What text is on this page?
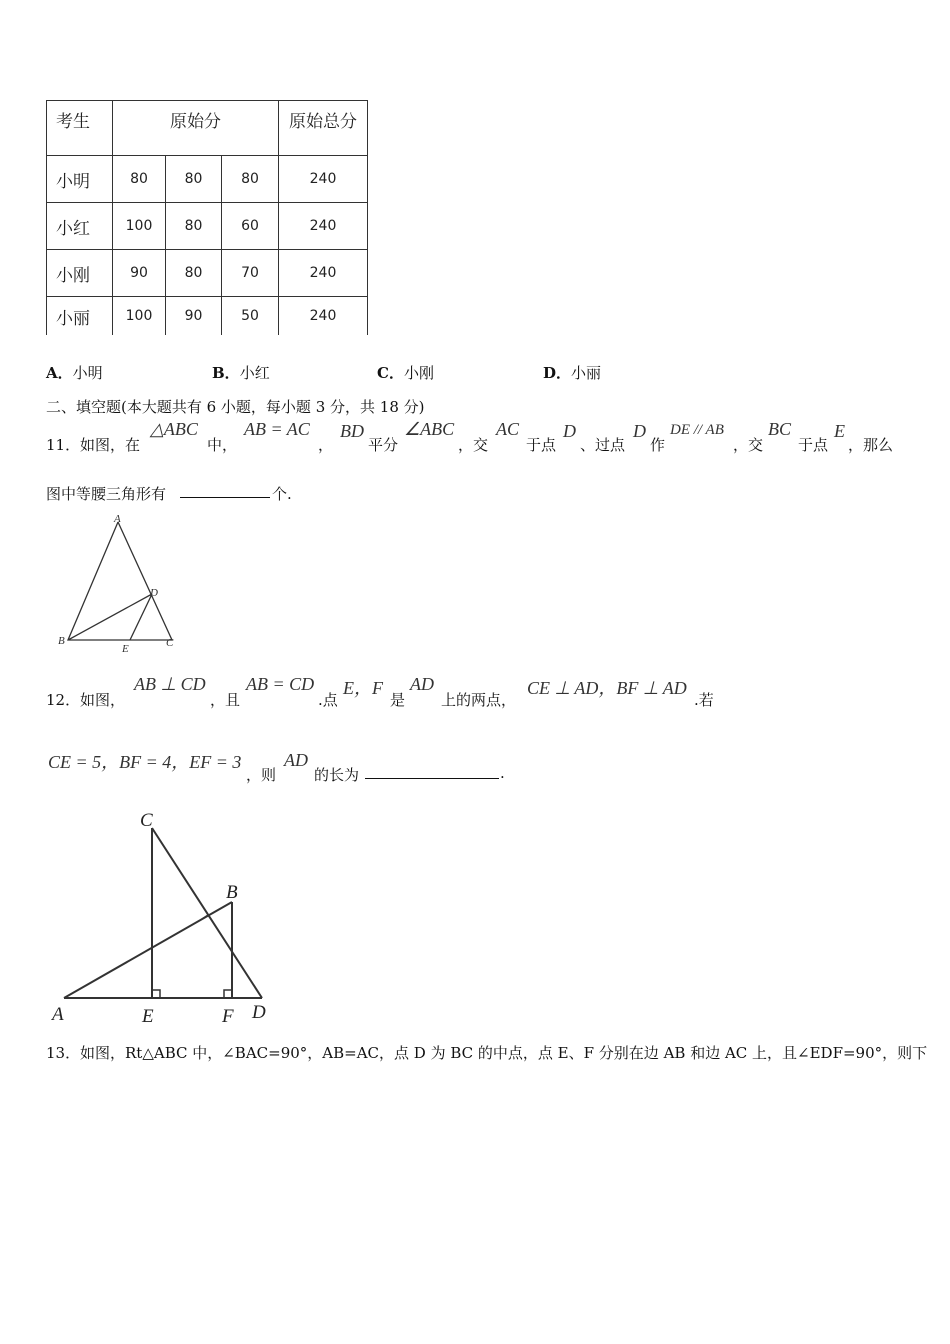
考生	原始分			原始总分
小明	80	80	80	240
小红	100	80	60	240
小刚	90	80	70	240
小丽	100	90	50	240
A．小明	B．小红	C．小刚	D．小丽
二、填空题(本大题共有 6 小题，每小题 3 分，共 18 分)
11． 如图，在
△ABC
中，
AB = AC
，
BD
平分
∠ABC
，交
AC
于点
D
、过点
D
作
DE // AB
，交
BC
于点
E
，那么
图中等腰三角形有	个.
A
B	C
D
E
12． 如图，
AB ⊥ CD
，且
AB = CD
.点
E，F
是
AD
上的两点，
CE ⊥ AD，BF ⊥ AD
.若
CE = 5，BF = 4，EF = 3
，则
AD
的长为	.
C
B
A	E	F D
13． 如图，Rt△ABC 中，∠BAC=90°，AB=AC，点 D 为 BC 的中点，点 E、F 分别在边 AB 和边 AC 上，且∠EDF=90°，则下
